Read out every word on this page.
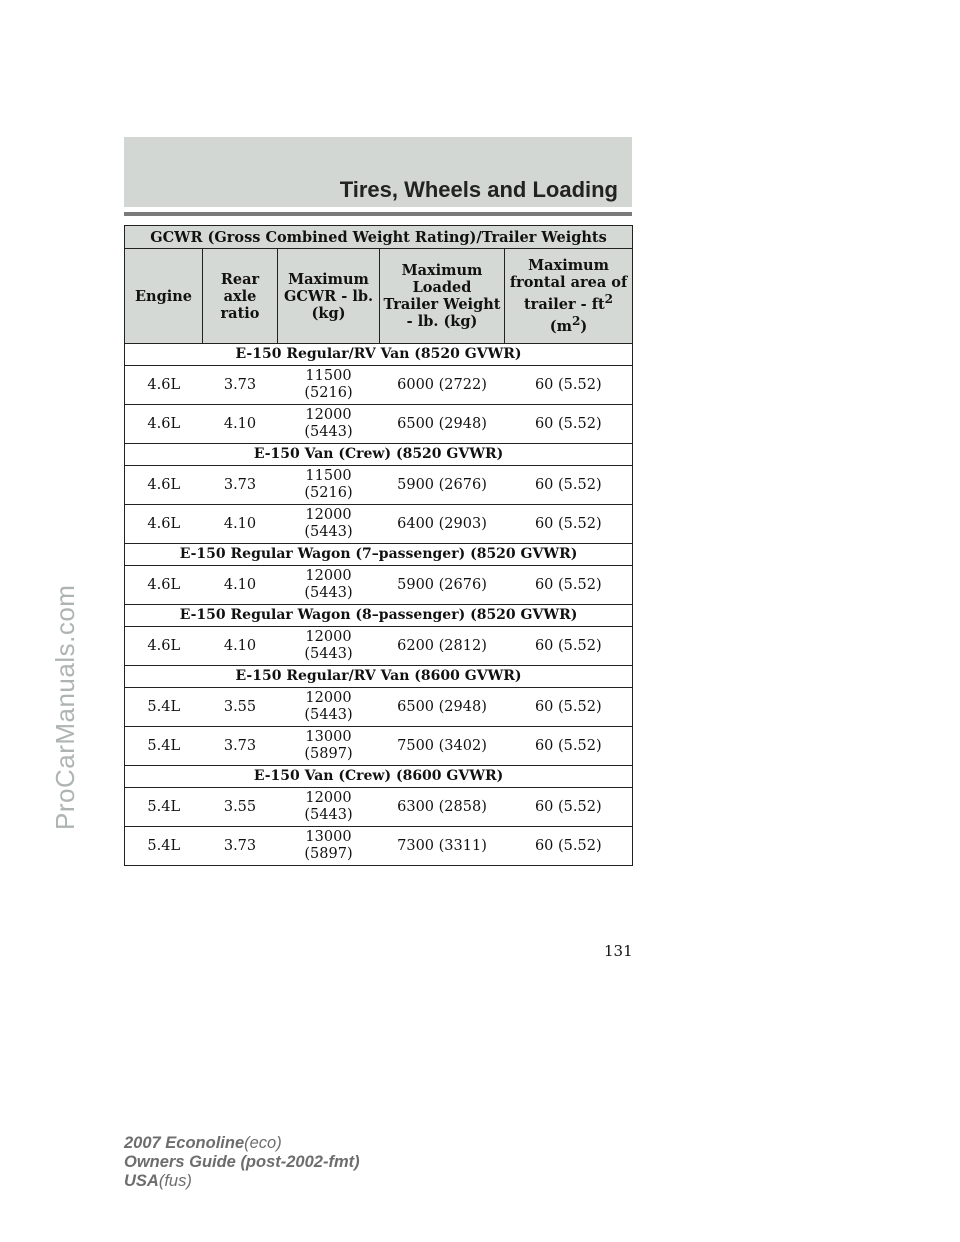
Tires, Wheels and Loading
GCWR (Gross Combined Weight Rating)/Trailer Weights				
Engine	Rear
axle
ratio	Maximum
GCWR - lb.
(kg)	Maximum
Loaded
Trailer Weight
- lb. (kg)	Maximum
frontal area of
trailer - $ft^2$
$(m^2)$
E-150 Regular/RV Van (8520 GVWR)				
4.6L	3.73	11500
(5216)	6000 (2722)	60 (5.52)
4.6L	4.10	12000
(5443)	6500 (2948)	60 (5.52)
E-150 Van (Crew) (8520 GVWR)				
4.6L	3.73	11500
(5216)	5900 (2676)	60 (5.52)
4.6L	4.10	12000
(5443)	6400 (2903)	60 (5.52)
E-150 Regular Wagon (7–passenger) (8520 GVWR)				
4.6L	4.10	12000
(5443)	5900 (2676)	60 (5.52)
E-150 Regular Wagon (8–passenger) (8520 GVWR)				
4.6L	4.10	12000
(5443)	6200 (2812)	60 (5.52)
E-150 Regular/RV Van (8600 GVWR)				
5.4L	3.55	12000
(5443)	6500 (2948)	60 (5.52)
5.4L	3.73	13000
(5897)	7500 (3402)	60 (5.52)
E-150 Van (Crew) (8600 GVWR)				
5.4L	3.55	12000
(5443)	6300 (2858)	60 (5.52)
5.4L	3.73	13000
(5897)	7300 (3311)	60 (5.52)

131

2007 Econoline(eco)
Owners Guide (post-2002-fmt)
USA(fus)
ProCarManuals.com
